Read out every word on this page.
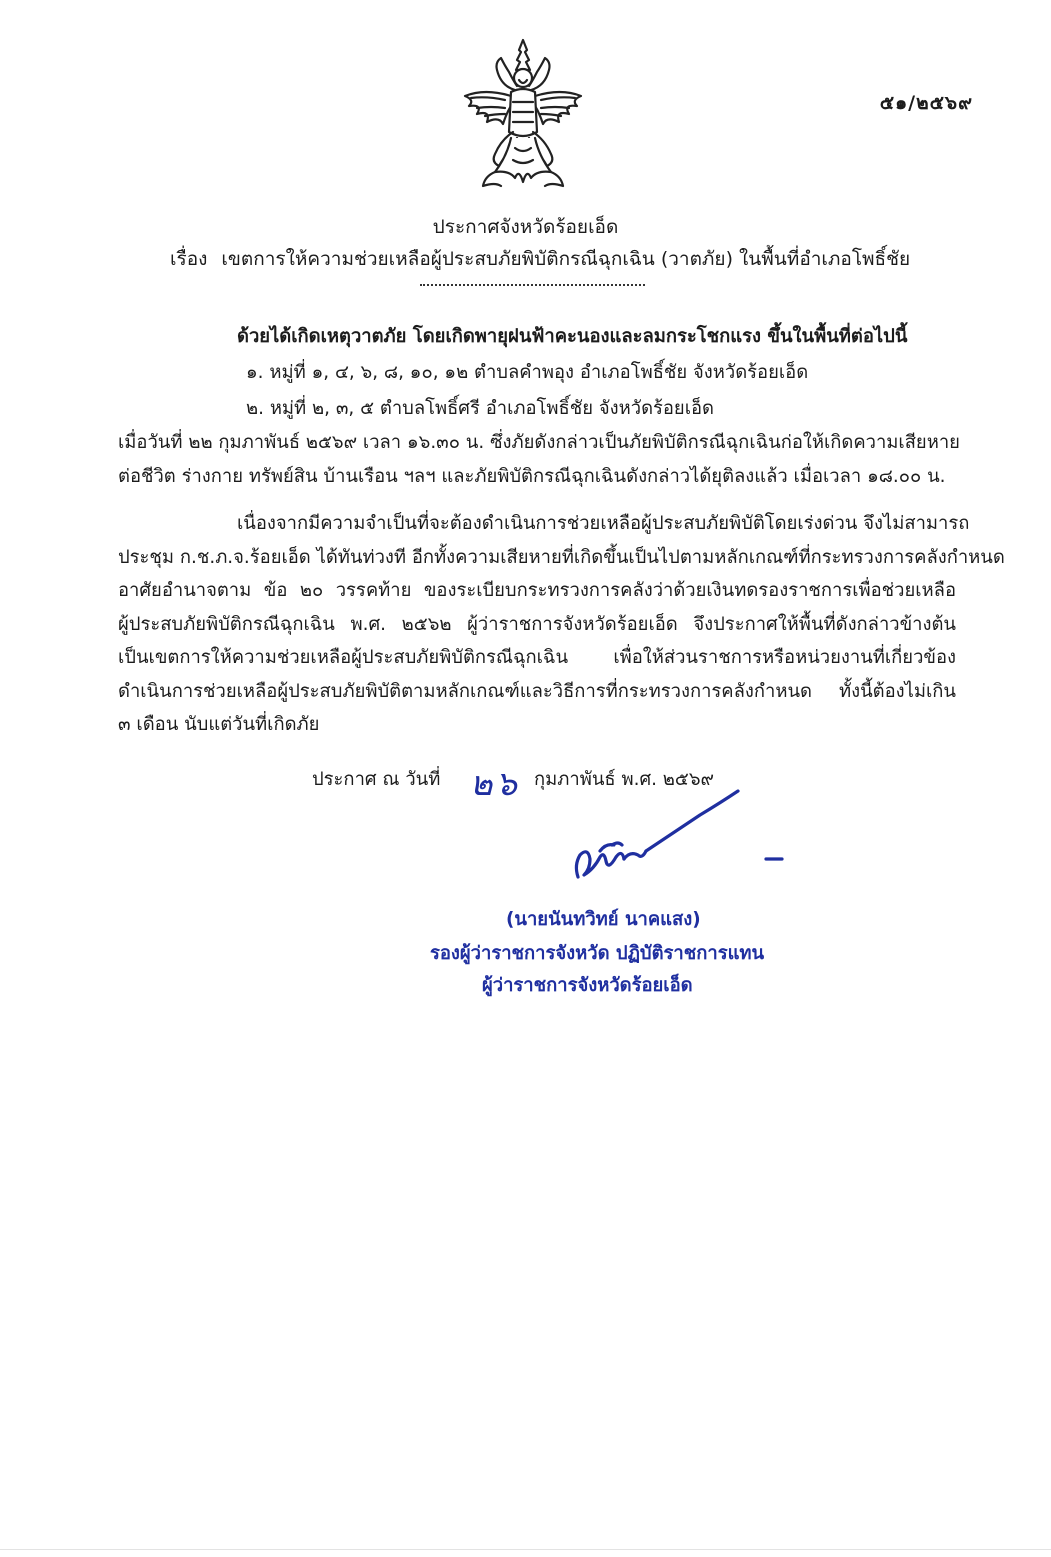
๕๑/๒๕๖๙
ประกาศจังหวัดร้อยเอ็ด
เรื่อง เขตการให้ความช่วยเหลือผู้ประสบภัยพิบัติกรณีฉุกเฉิน (วาตภัย) ในพื้นที่อำเภอโพธิ์ชัย
ด้วยได้เกิดเหตุวาตภัย โดยเกิดพายุฝนฟ้าคะนองและลมกระโชกแรง ขึ้นในพื้นที่ต่อไปนี้
๑. หมู่ที่ ๑, ๔, ๖, ๘, ๑๐, ๑๒ ตำบลคำพอุง อำเภอโพธิ์ชัย จังหวัดร้อยเอ็ด
๒. หมู่ที่ ๒, ๓, ๕ ตำบลโพธิ์ศรี อำเภอโพธิ์ชัย จังหวัดร้อยเอ็ด
เมื่อวันที่ ๒๒ กุมภาพันธ์ ๒๕๖๙ เวลา ๑๖.๓๐ น. ซึ่งภัยดังกล่าวเป็นภัยพิบัติกรณีฉุกเฉินก่อให้เกิดความเสียหาย
ต่อชีวิต ร่างกาย ทรัพย์สิน บ้านเรือน ฯลฯ และภัยพิบัติกรณีฉุกเฉินดังกล่าวได้ยุติลงแล้ว เมื่อเวลา ๑๘.๐๐ น.
เนื่องจากมีความจำเป็นที่จะต้องดำเนินการช่วยเหลือผู้ประสบภัยพิบัติโดยเร่งด่วน จึงไม่สามารถ
ประชุม ก.ช.ภ.จ.ร้อยเอ็ด ได้ทันท่วงที อีกทั้งความเสียหายที่เกิดขึ้นเป็นไปตามหลักเกณฑ์ที่กระทรวงการคลังกำหนด
อาศัยอำนาจตาม ข้อ ๒๐ วรรคท้าย ของระเบียบกระทรวงการคลังว่าด้วยเงินทดรองราชการเพื่อช่วยเหลือ
ผู้ประสบภัยพิบัติกรณีฉุกเฉิน พ.ศ. ๒๕๖๒ ผู้ว่าราชการจังหวัดร้อยเอ็ด จึงประกาศให้พื้นที่ดังกล่าวข้างต้น
เป็นเขตการให้ความช่วยเหลือผู้ประสบภัยพิบัติกรณีฉุกเฉิน เพื่อให้ส่วนราชการหรือหน่วยงานที่เกี่ยวข้อง
ดำเนินการช่วยเหลือผู้ประสบภัยพิบัติตามหลักเกณฑ์และวิธีการที่กระทรวงการคลังกำหนด ทั้งนี้ต้องไม่เกิน
๓ เดือน นับแต่วันที่เกิดภัย
ประกาศ ณ วันที่ ๒๖ กุมภาพันธ์ พ.ศ. ๒๕๖๙
(นายนันทวิทย์ นาคแสง)
รองผู้ว่าราชการจังหวัด ปฏิบัติราชการแทน
ผู้ว่าราชการจังหวัดร้อยเอ็ด
